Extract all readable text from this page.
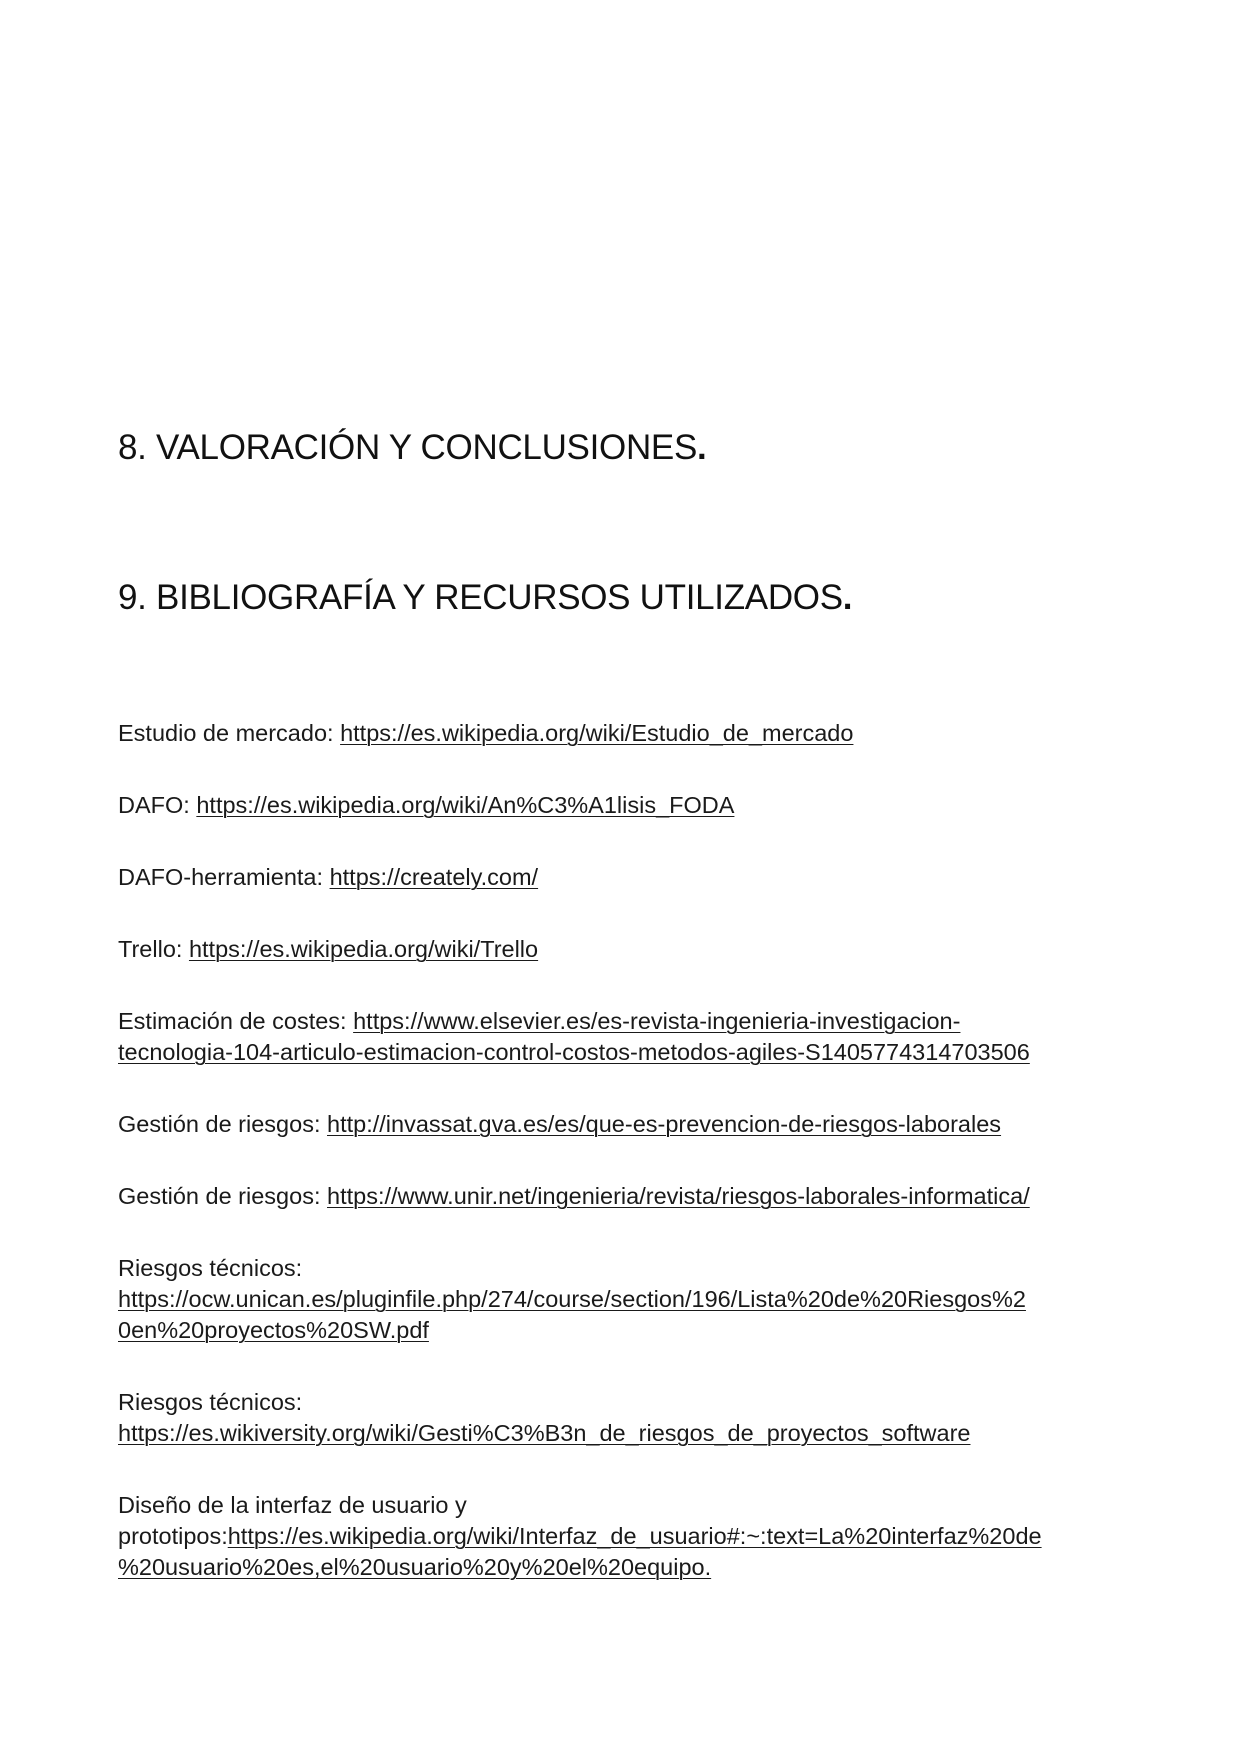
8. VALORACIÓN Y CONCLUSIONES.
9. BIBLIOGRAFÍA Y RECURSOS UTILIZADOS.
Estudio de mercado: https://es.wikipedia.org/wiki/Estudio_de_mercado
DAFO: https://es.wikipedia.org/wiki/An%C3%A1lisis_FODA
DAFO-herramienta: https://creately.com/
Trello: https://es.wikipedia.org/wiki/Trello
Estimación de costes: https://www.elsevier.es/es-revista-ingenieria-investigacion-
tecnologia-104-articulo-estimacion-control-costos-metodos-agiles-S1405774314703506
Gestión de riesgos: http://invassat.gva.es/es/que-es-prevencion-de-riesgos-laborales
Gestión de riesgos: https://www.unir.net/ingenieria/revista/riesgos-laborales-informatica/
Riesgos técnicos:
https://ocw.unican.es/pluginfile.php/274/course/section/196/Lista%20de%20Riesgos%2
0en%20proyectos%20SW.pdf
Riesgos técnicos:
https://es.wikiversity.org/wiki/Gesti%C3%B3n_de_riesgos_de_proyectos_software
Diseño de la interfaz de usuario y
prototipos:https://es.wikipedia.org/wiki/Interfaz_de_usuario#:~:text=La%20interfaz%20de
%20usuario%20es,el%20usuario%20y%20el%20equipo.
